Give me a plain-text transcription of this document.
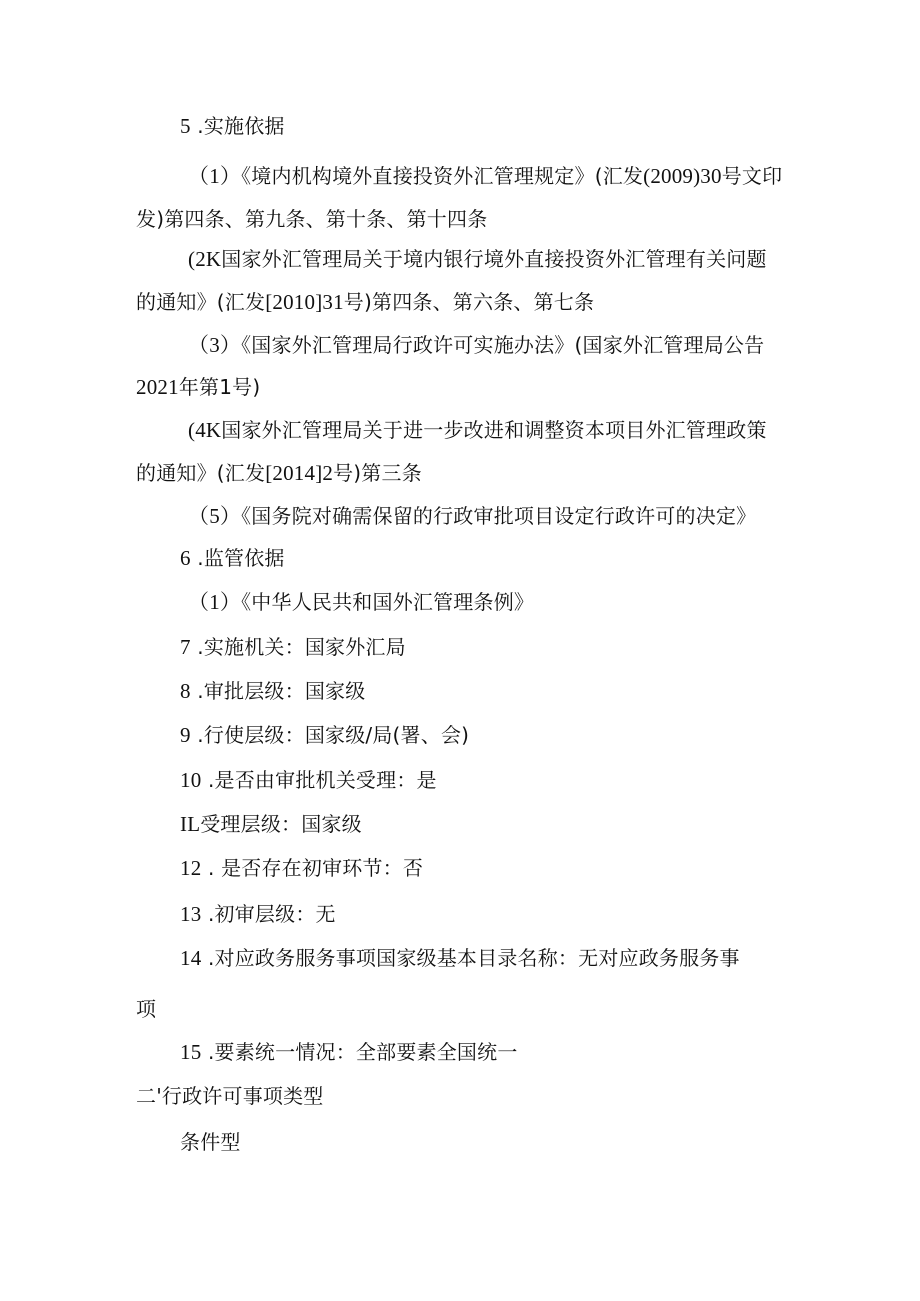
5 .实施依据
（1）《境内机构境外直接投资外汇管理规定》(汇发(2009)30号文印
发)第四条、第九条、第十条、第十四条
(2K国家外汇管理局关于境内银行境外直接投资外汇管理有关问题
的通知》(汇发[2010]31号)第四条、第六条、第七条
（3）《国家外汇管理局行政许可实施办法》(国家外汇管理局公告
2021年第1号)
(4K国家外汇管理局关于进一步改进和调整资本项目外汇管理政策
的通知》(汇发[2014]2号)第三条
（5）《国务院对确需保留的行政审批项目设定行政许可的决定》
6 .监管依据
（1）《中华人民共和国外汇管理条例》
7 .实施机关：国家外汇局
8 .审批层级：国家级
9 .行使层级：国家级/局(署、会)
10 .是否由审批机关受理：是
IL受理层级：国家级
12 . 是否存在初审环节：否
13 .初审层级：无
14 .对应政务服务事项国家级基本目录名称：无对应政务服务事
项
15 .要素统一情况：全部要素全国统一
二'行政许可事项类型
条件型
